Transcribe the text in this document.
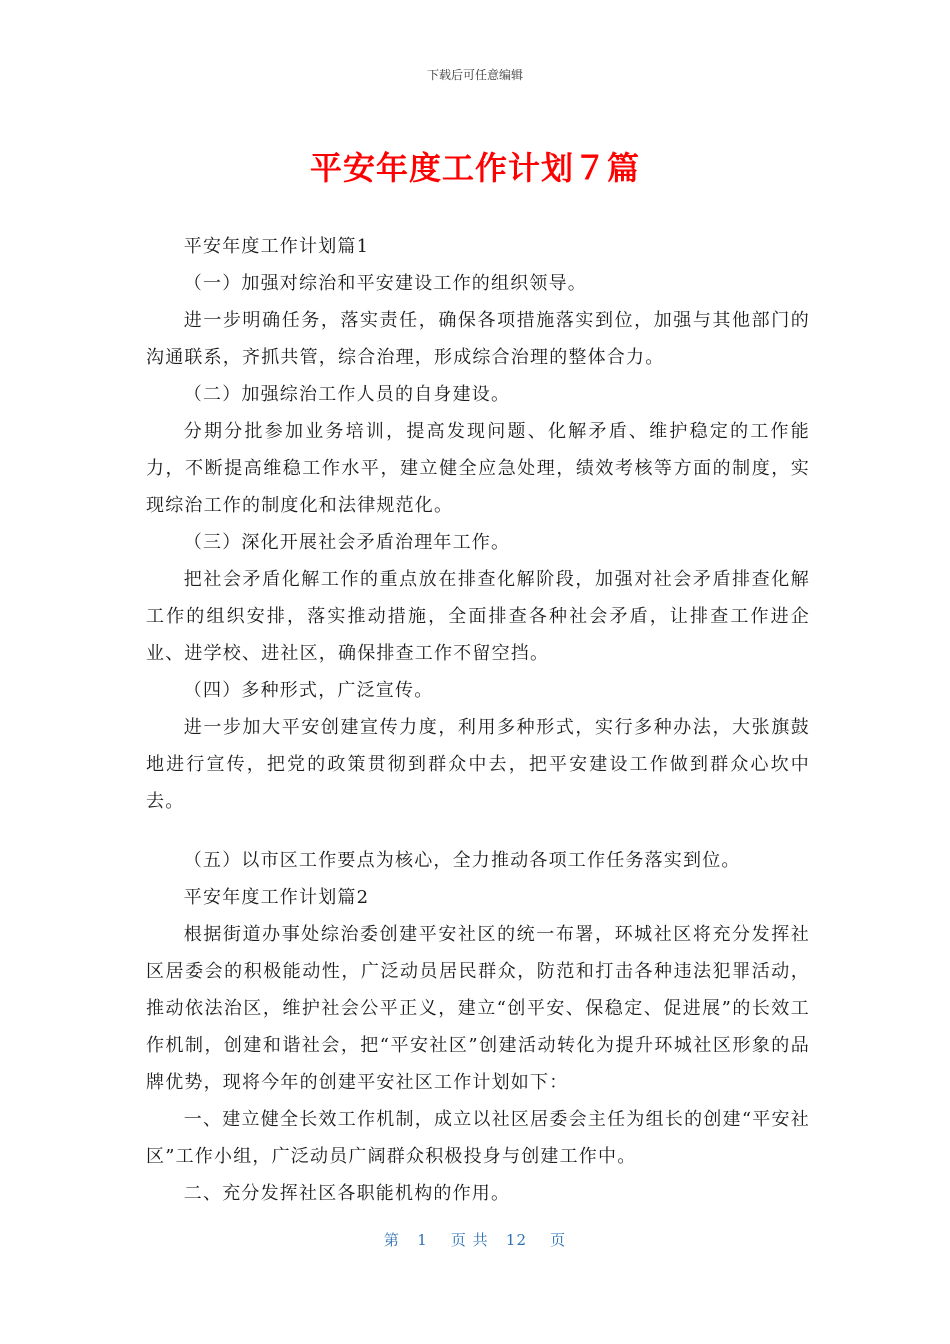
下载后可任意编辑
平安年度工作计划７篇

平安年度工作计划篇1

（一）加强对综治和平安建设工作的组织领导。

进一步明确任务，落实责任，确保各项措施落实到位，加强与其他部门的沟通联系，齐抓共管，综合治理，形成综合治理的整体合力。

（二）加强综治工作人员的自身建设。

分期分批参加业务培训，提高发现问题、化解矛盾、维护稳定的工作能力，不断提高维稳工作水平，建立健全应急处理，绩效考核等方面的制度，实现综治工作的制度化和法律规范化。

（三）深化开展社会矛盾治理年工作。

把社会矛盾化解工作的重点放在排查化解阶段，加强对社会矛盾排查化解工作的组织安排，落实推动措施，全面排查各种社会矛盾，让排查工作进企业、进学校、进社区，确保排查工作不留空挡。

（四）多种形式，广泛宣传。

进一步加大平安创建宣传力度，利用多种形式，实行多种办法，大张旗鼓地进行宣传，把党的政策贯彻到群众中去，把平安建设工作做到群众心坎中去。

（五）以市区工作要点为核心，全力推动各项工作任务落实到位。

平安年度工作计划篇2

根据街道办事处综治委创建平安社区的统一布署，环城社区将充分发挥社区居委会的积极能动性，广泛动员居民群众，防范和打击各种违法犯罪活动，推动依法治区，维护社会公平正义，建立“创平安、保稳定、促进展”的长效工作机制，创建和谐社会，把“平安社区”创建活动转化为提升环城社区形象的品牌优势，现将今年的创建平安社区工作计划如下：

一、建立健全长效工作机制，成立以社区居委会主任为组长的创建“平安社区”工作小组，广泛动员广阔群众积极投身与创建工作中。

二、充分发挥社区各职能机构的作用。

第   1    页 共   12    页
